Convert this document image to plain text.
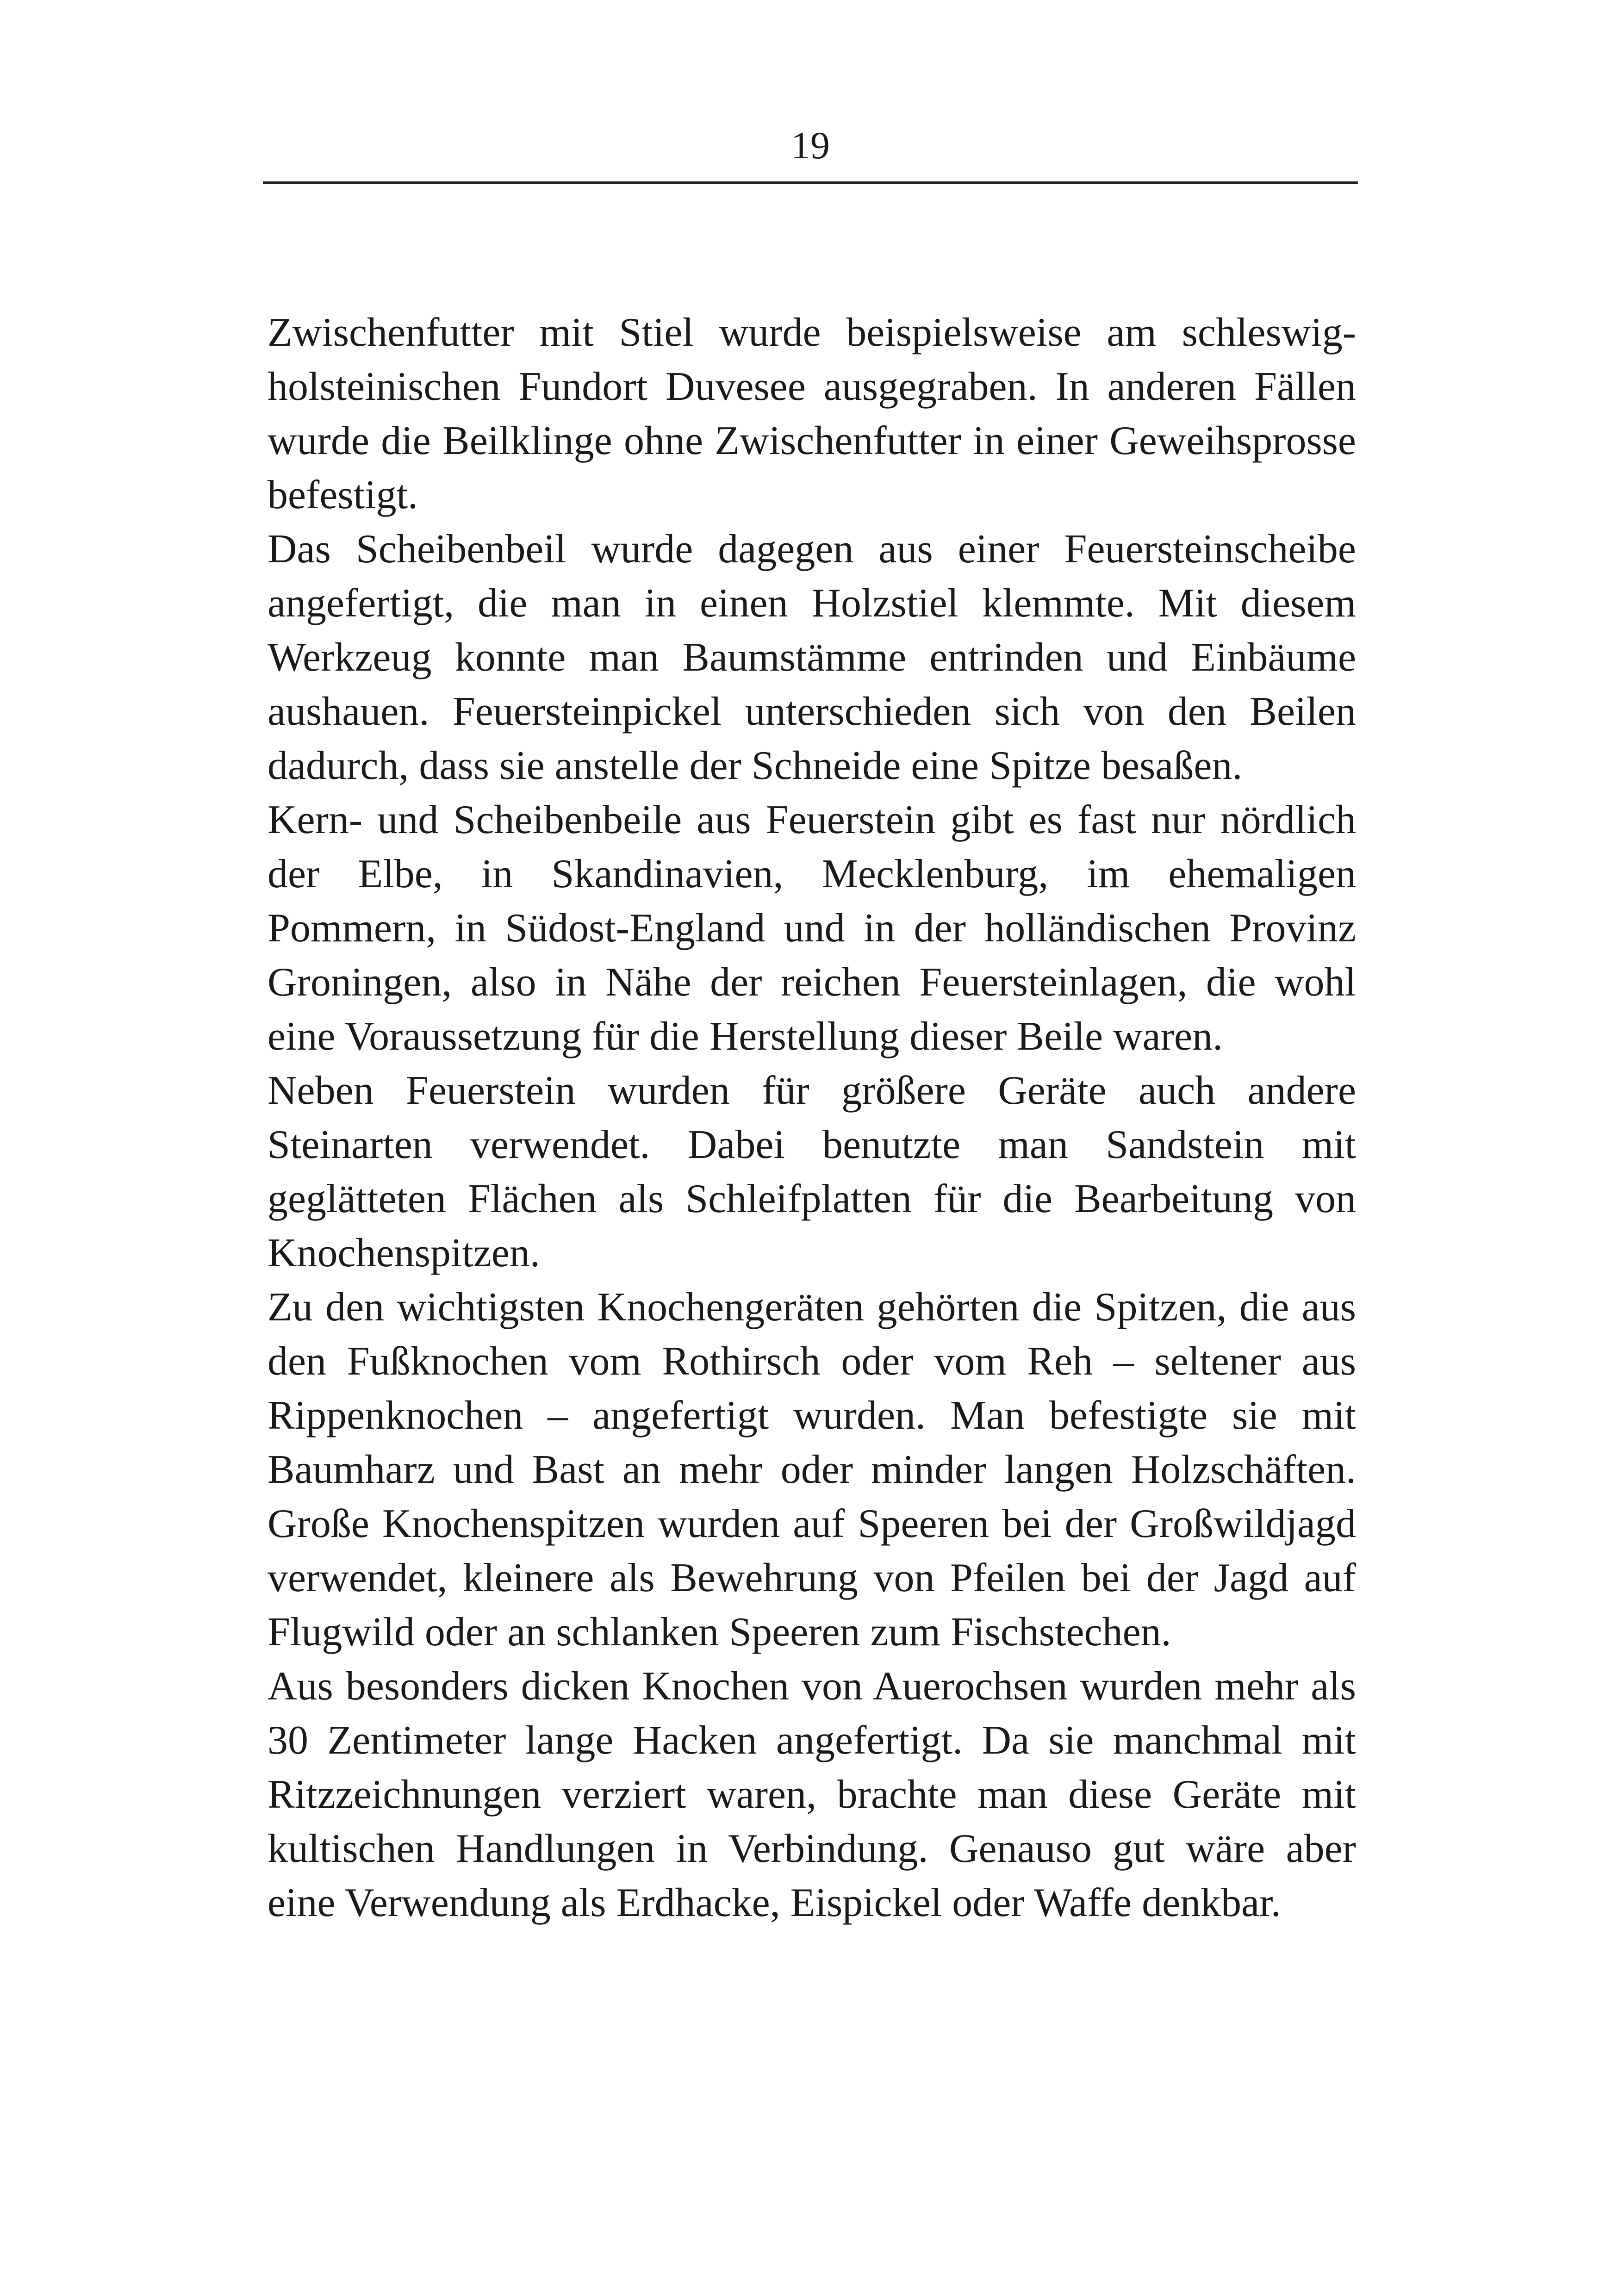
19

Zwischenfutter mit Stiel wurde beispielsweise am schleswig-holsteinischen Fundort Duvesee ausgegraben. In anderen Fällen wurde die Beilklinge ohne Zwischenfutter in einer Geweihsprosse befestigt.

Das Scheibenbeil wurde dagegen aus einer Feuersteinscheibe angefertigt, die man in einen Holzstiel klemmte. Mit diesem Werkzeug konnte man Baumstämme entrinden und Einbäume aushauen. Feuersteinpickel unterschieden sich von den Beilen dadurch, dass sie anstelle der Schneide eine Spitze besaßen.

Kern- und Scheibenbeile aus Feuerstein gibt es fast nur nördlich der Elbe, in Skandinavien, Mecklenburg, im ehemaligen Pommern, in Südost-England und in der holländischen Provinz Groningen, also in Nähe der reichen Feuersteinlagen, die wohl eine Voraussetzung für die Herstellung dieser Beile waren.

Neben Feuerstein wurden für größere Geräte auch andere Steinarten verwendet. Dabei benutzte man Sandstein mit geglätteten Flächen als Schleifplatten für die Bearbeitung von Knochenspitzen.

Zu den wichtigsten Knochengeräten gehörten die Spitzen, die aus den Fußknochen vom Rothirsch oder vom Reh – seltener aus Rippenknochen – angefertigt wurden. Man befestigte sie mit Baumharz und Bast an mehr oder minder langen Holzschäften. Große Knochenspitzen wurden auf Speeren bei der Großwildjagd verwendet, kleinere als Bewehrung von Pfeilen bei der Jagd auf Flugwild oder an schlanken Speeren zum Fischstechen.

Aus besonders dicken Knochen von Auerochsen wurden mehr als 30 Zentimeter lange Hacken angefertigt. Da sie manchmal mit Ritzzeichnungen verziert waren, brachte man diese Geräte mit kultischen Handlungen in Verbindung. Genauso gut wäre aber eine Verwendung als Erdhacke, Eispickel oder Waffe denkbar.
